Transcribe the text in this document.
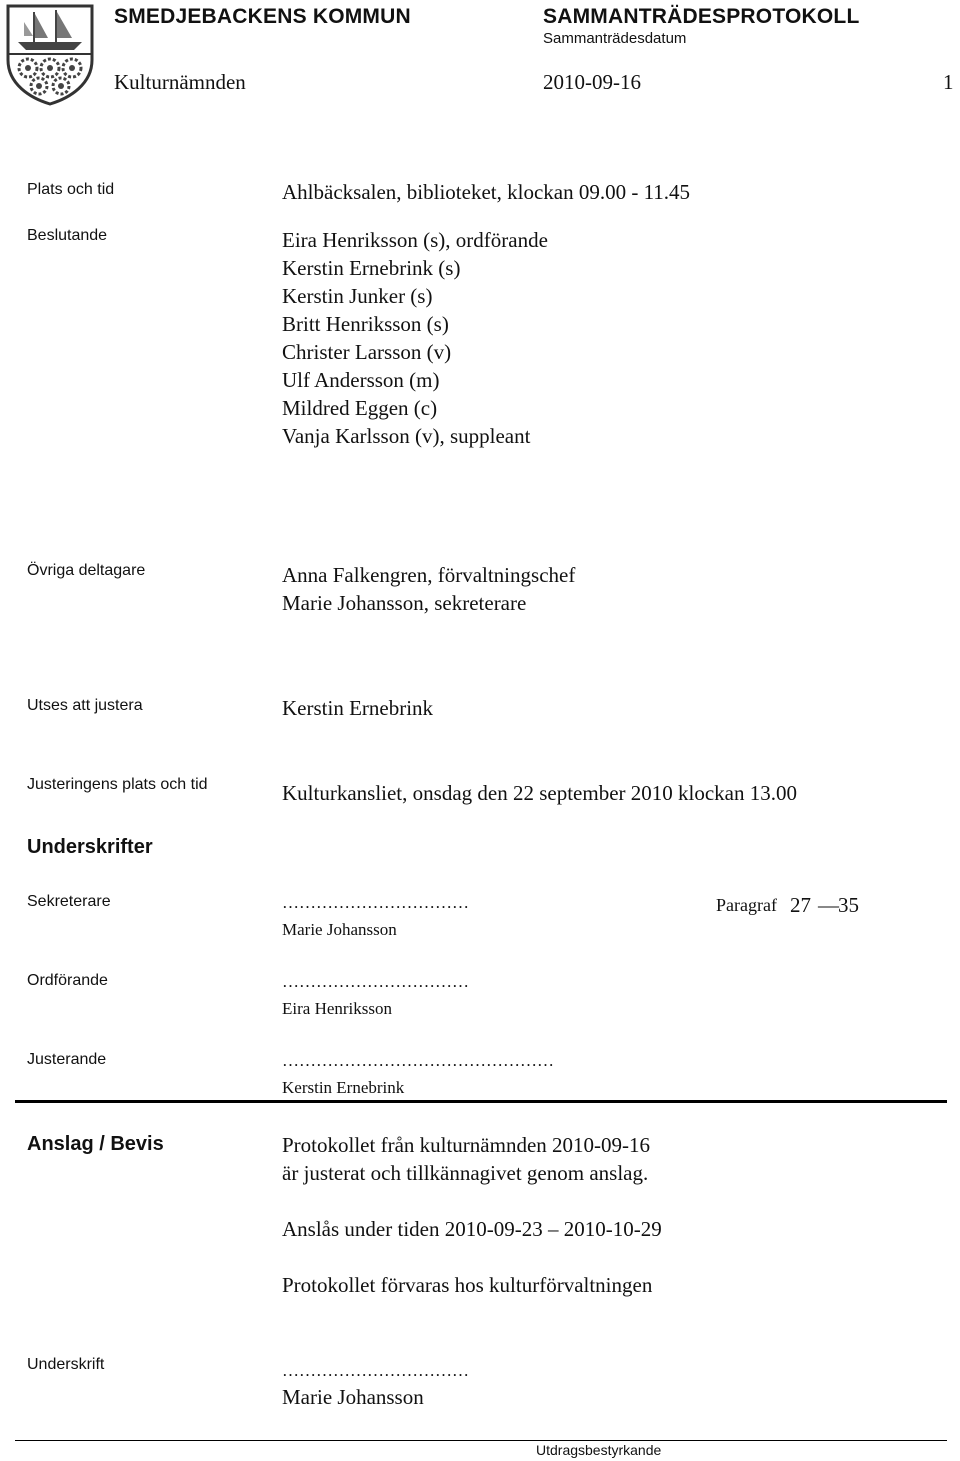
SMEDJEBACKENS KOMMUN	SAMMANTRÄDESPROTOKOLL
Sammanträdesdatum
Kulturnämnden	2010-09-16	1
Plats och tid	Ahlbäcksalen, biblioteket, klockan 09.00 - 11.45
Beslutande	Eira Henriksson (s), ordförande
Kerstin Ernebrink (s)
Kerstin Junker (s)
Britt Henriksson (s)
Christer Larsson (v)
Ulf Andersson (m)
Mildred Eggen (c)
Vanja Karlsson (v), suppleant
Övriga deltagare	Anna Falkengren, förvaltningschef
Marie Johansson, sekreterare
Utses att justera	Kerstin Ernebrink
Justeringens plats och tid	Kulturkansliet, onsdag den 22 september 2010 klockan 13.00
Underskrifter
Sekreterare	……………………………
Marie Johansson
Paragraf 27 — 35
Ordförande	……………………………
Eira Henriksson
Justerande	…………………………………………
Kerstin Ernebrink
Anslag / Bevis	Protokollet från kulturnämnden 2010-09-16
är justerat och tillkännagivet genom anslag.
Anslås under tiden 2010-09-23 – 2010-10-29
Protokollet förvaras hos kulturförvaltningen
Underskrift	……………………………
Marie Johansson
Utdragsbestyrkande
